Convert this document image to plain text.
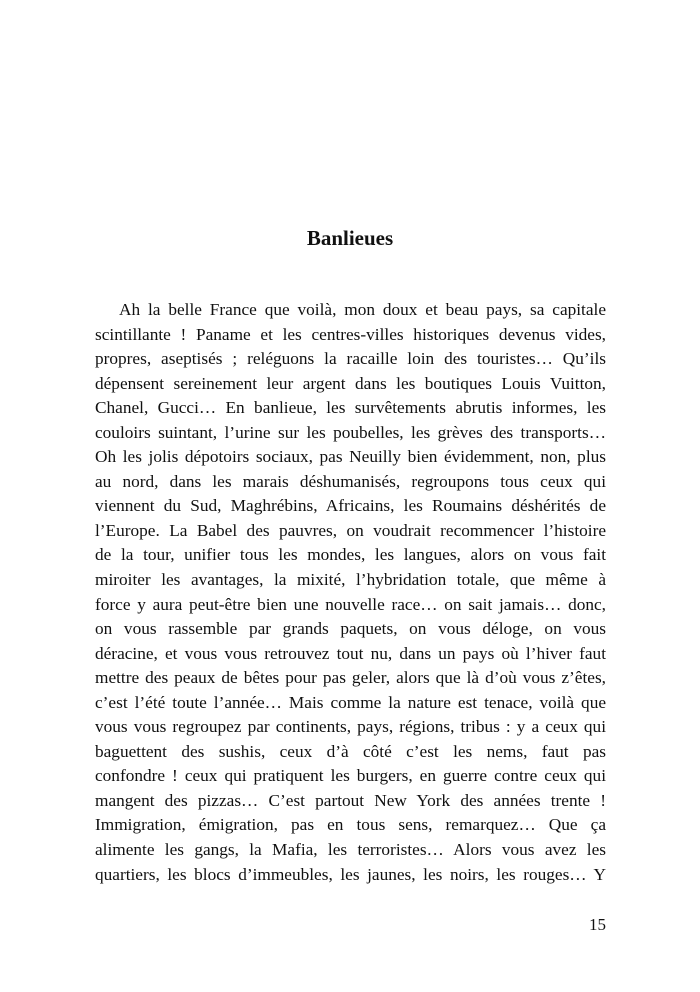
Banlieues
Ah la belle France que voilà, mon doux et beau pays, sa capitale
scintillante ! Paname et les centres-villes historiques devenus vides,
propres, aseptisés ; reléguons la racaille loin des touristes… Qu’ils
dépensent sereinement leur argent dans les boutiques Louis Vuitton,
Chanel, Gucci… En banlieue, les survêtements abrutis informes, les
couloirs suintant, l’urine sur les poubelles, les grèves des transports…
Oh les jolis dépotoirs sociaux, pas Neuilly bien évidemment, non, plus
au nord, dans les marais déshumanisés, regroupons tous ceux qui
viennent du Sud, Maghrébins, Africains, les Roumains déshérités de
l’Europe. La Babel des pauvres, on voudrait recommencer l’histoire
de la tour, unifier tous les mondes, les langues, alors on vous fait
miroiter les avantages, la mixité, l’hybridation totale, que même à
force y aura peut-être bien une nouvelle race… on sait jamais… donc,
on vous rassemble par grands paquets, on vous déloge, on vous
déracine, et vous vous retrouvez tout nu, dans un pays où l’hiver faut
mettre des peaux de bêtes pour pas geler, alors que là d’où vous z’êtes,
c’est l’été toute l’année… Mais comme la nature est tenace, voilà que
vous vous regroupez par continents, pays, régions, tribus : y a ceux qui
baguettent des sushis, ceux d’à côté c’est les nems, faut pas
confondre ! ceux qui pratiquent les burgers, en guerre contre ceux qui
mangent des pizzas… C’est partout New York des années trente !
Immigration, émigration, pas en tous sens, remarquez… Que ça
alimente les gangs, la Mafia, les terroristes… Alors vous avez les
quartiers, les blocs d’immeubles, les jaunes, les noirs, les rouges… Y
15
